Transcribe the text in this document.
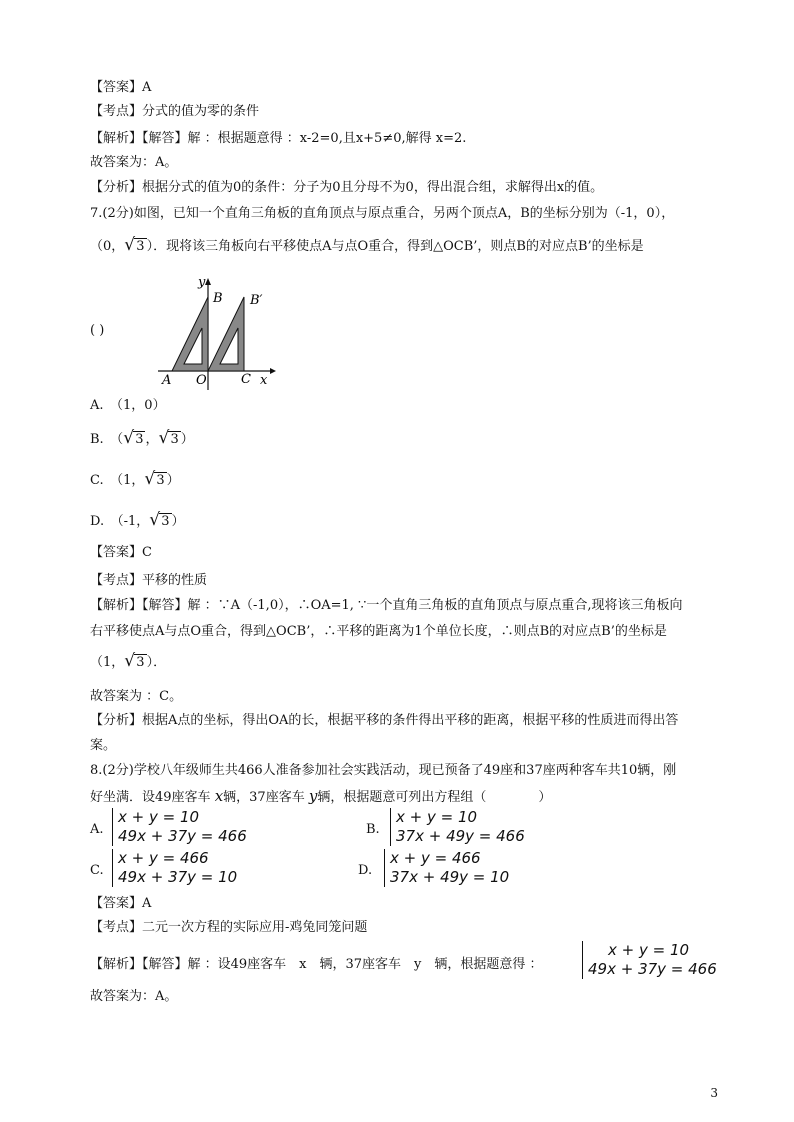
【答案】A
【考点】分式的值为零的条件
【解析】【解答】解 ：根据题意得 ：x-2=0,且x+5≠0,解得 x=2.
故答案为：A。
【分析】根据分式的值为0的条件：分子为0且分母不为0，得出混合组，求解得出x的值。
7.(2分)如图，已知一个直角三角板的直角顶点与原点重合，另两个顶点A，B的坐标分别为（-1，0），
（0， √ 3 ）．现将该三角板向右平移使点A与点O重合，得到△OCB’，则点B的对应点B’的坐标是
( )
y
B B′
A O	C x
A.　（1，0）
B.　（ √ 3 ， √ 3 ）
C.　（1， √ 3 ）
D.　（-1， √ 3 ）
【答案】C
【考点】平移的性质
【解析】【解答】解 ：∵A（-1,0），∴OA=1, ∵一个直角三角板的直角顶点与原点重合,现将该三角板向
右平移使点A与点O重合，得到△OCB’，∴平移的距离为1个单位长度，∴则点B的对应点B’的坐标是
（1， √ 3 ）．
故答案为 ：C。
【分析】根据A点的坐标，得出OA的长，根据平移的条件得出平移的距离，根据平移的性质进而得出答
案。
8.(2分)学校八年级师生共466人准备参加社会实践活动，现已预备了49座和37座两种客车共10辆，刚
好坐满．设49座客车 x辆，37座客车 y辆，根据题意可列出方程组（　　　　）
A.
x + y = 10
49x + 37y = 466	B.
x + y = 10
37x + 49y = 466
C.
x + y = 466
49x + 37y = 10	D.
x + y = 466
37x + 49y = 10
【答案】A
【考点】二元一次方程的实际应用-鸡兔同笼问题
【解析】【解答】解 ：设49座客车　x　辆，37座客车　y　辆，根据题意得 ：
x + y = 10
49x + 37y = 466
故答案为：A。
3
